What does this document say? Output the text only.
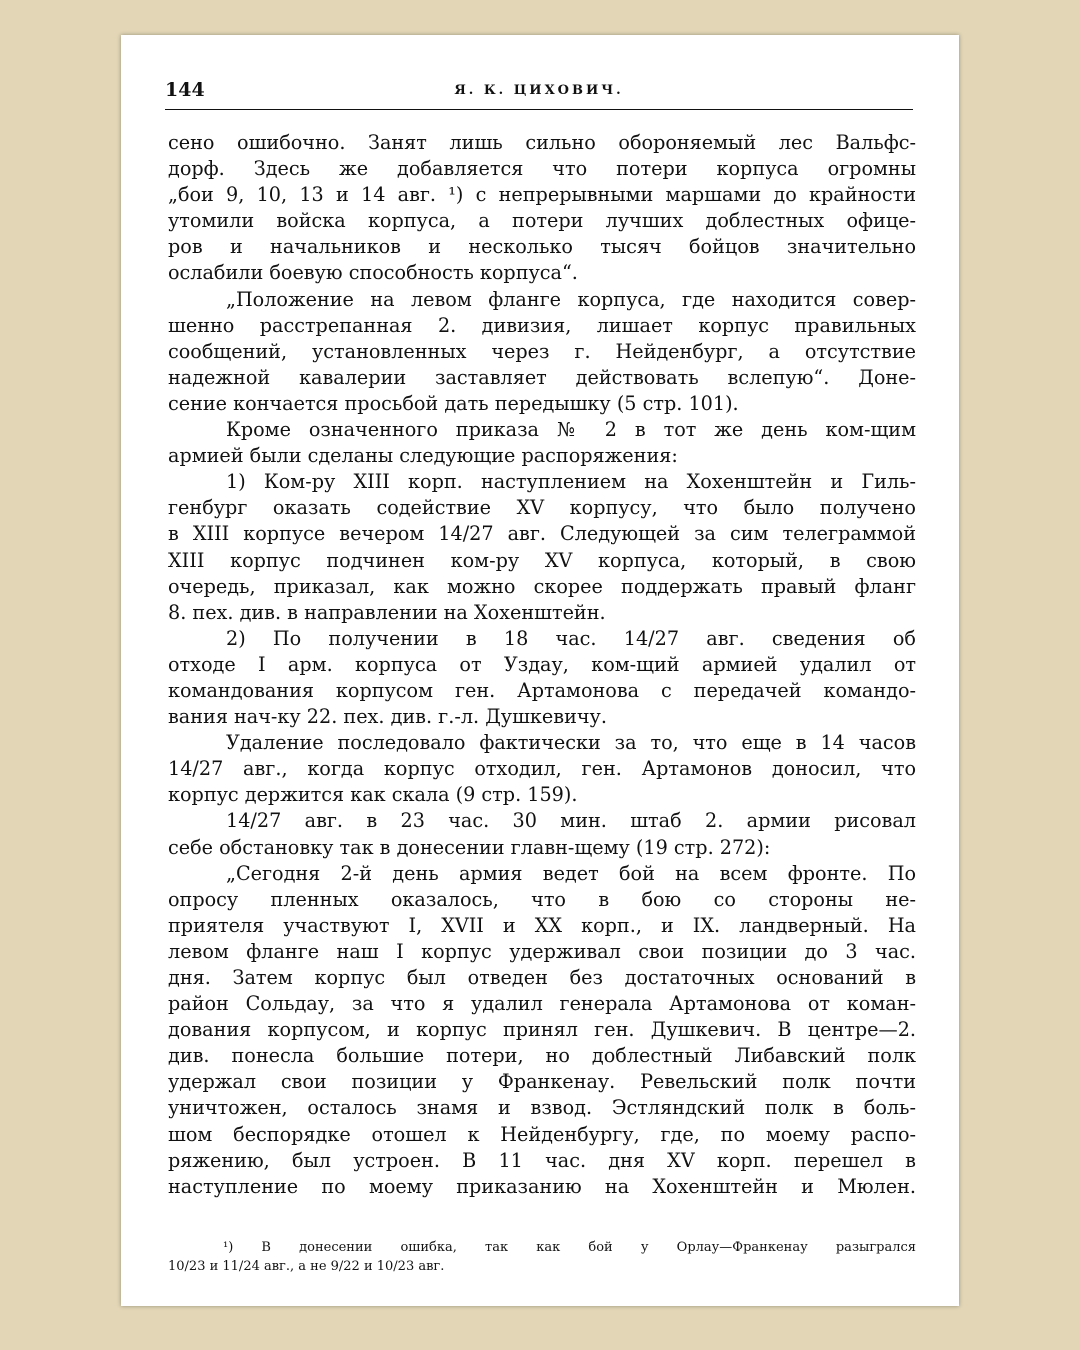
144	Я. К. ЦИХОВИЧ.

сено ошибочно. Занят лишь сильно обороняемый лес Вальфс-
дорф. Здесь же добавляется что потери корпуса огромны
„бои 9, 10, 13 и 14 авг. ¹) с непрерывными маршами до крайности
утомили войска корпуса, а потери лучших доблестных офице-
ров и начальников и несколько тысяч бойцов значительно
ослабили боевую способность корпуса“.

„Положение на левом фланге корпуса, где находится совер-
шенно расстрепанная 2. дивизия, лишает корпус правильных
сообщений, установленных через г. Нейденбург, а отсутствие
надежной кавалерии заставляет действовать вслепую“. Доне-
сение кончается просьбой дать передышку (5 стр. 101).

Кроме означенного приказа № 2 в тот же день ком-щим
армией были сделаны следующие распоряжения:

1) Ком-ру XIII корп. наступлением на Хохенштейн и Гиль-
генбург оказать содействие XV корпусу, что было получено
в XIII корпусе вечером 14/27 авг. Следующей за сим телеграммой
XIII корпус подчинен ком-ру XV корпуса, который, в свою
очередь, приказал, как можно скорее поддержать правый фланг
8. пех. див. в направлении на Хохенштейн.

2) По получении в 18 час. 14/27 авг. сведения об
отходе I арм. корпуса от Уздау, ком-щий армией удалил от
командования корпусом ген. Артамонова с передачей командо-
вания нач-ку 22. пех. див. г.-л. Душкевичу.

Удаление последовало фактически за то, что еще в 14 часов
14/27 авг., когда корпус отходил, ген. Артамонов доносил, что
корпус держится как скала (9 стр. 159).

14/27 авг. в 23 час. 30 мин. штаб 2. армии рисовал
себе обстановку так в донесении главн-щему (19 стр. 272):

„Сегодня 2-й день армия ведет бой на всем фронте. По
опросу пленных оказалось, что в бою со стороны не-
приятеля участвуют I, XVII и XX корп., и IX. ландверный. На
левом фланге наш I корпус удерживал свои позиции до 3 час.
дня. Затем корпус был отведен без достаточных оснований в
район Сольдау, за что я удалил генерала Артамонова от коман-
дования корпусом, и корпус принял ген. Душкевич. В центре—2.
див. понесла большие потери, но доблестный Либавский полк
удержал свои позиции у Франкенау. Ревельский полк почти
уничтожен, осталось знамя и взвод. Эстляндский полк в боль-
шом беспорядке отошел к Нейденбургу, где, по моему распо-
ряжению, был устроен. В 11 час. дня XV корп. перешел в
наступление по моему приказанию на Хохенштейн и Мюлен.

¹) В донесении ошибка, так как бой у Орлау—Франкенау разыгрался
10/23 и 11/24 авг., а не 9/22 и 10/23 авг.
